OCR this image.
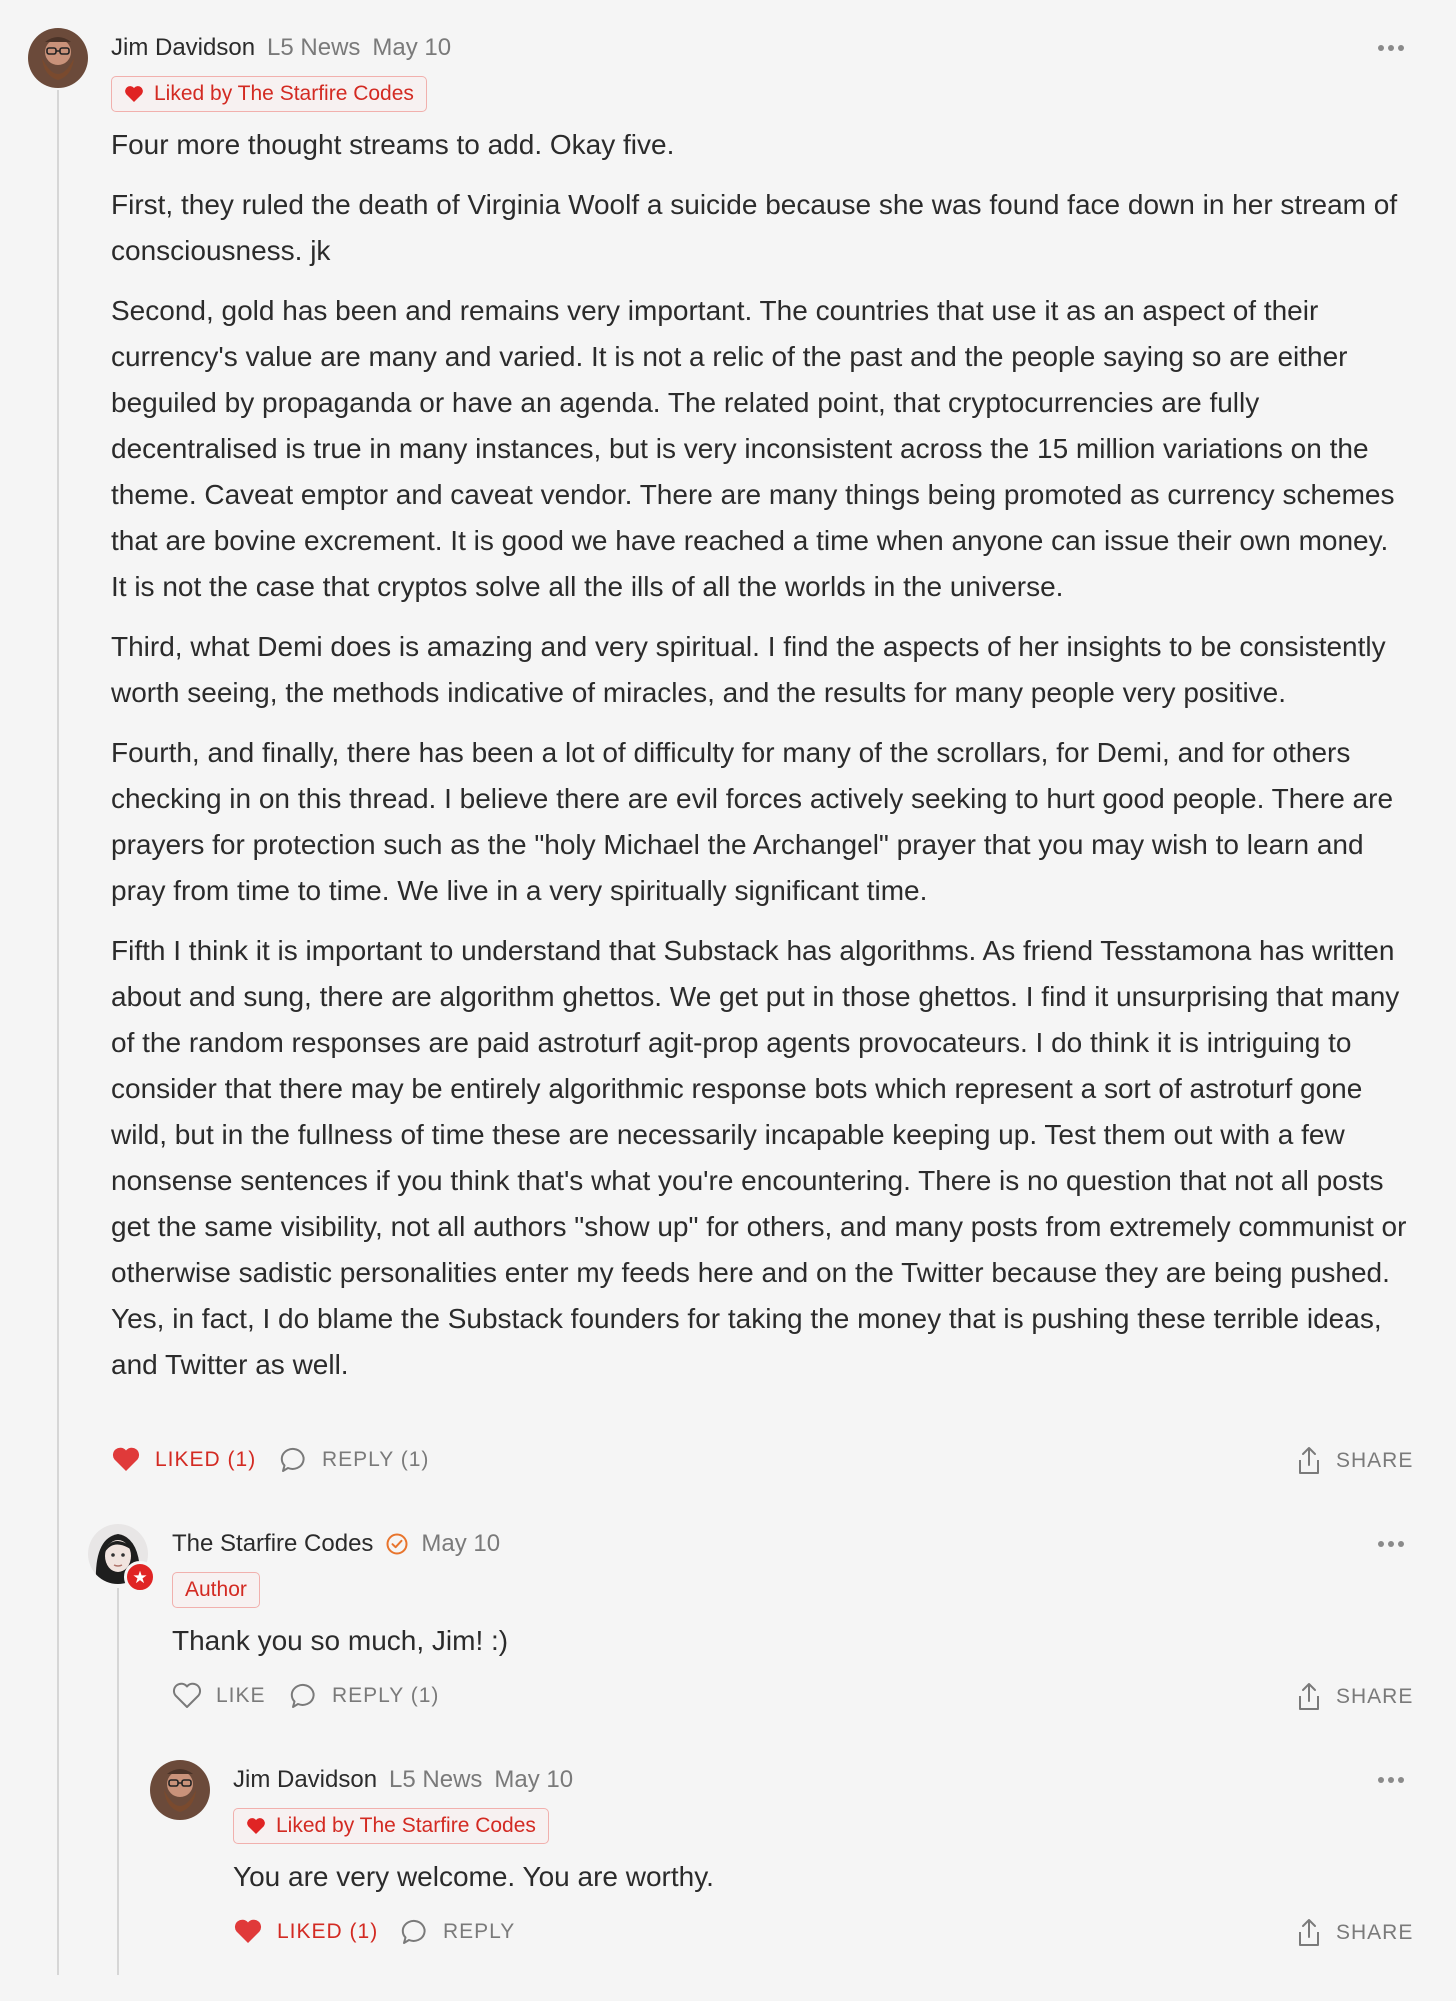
Jim Davidson L5 News May 10
Liked by The Starfire Codes

Four more thought streams to add. Okay five.

First, they ruled the death of Virginia Woolf a suicide because she was found face down in her stream of consciousness. jk

Second, gold has been and remains very important. The countries that use it as an aspect of their currency's value are many and varied. It is not a relic of the past and the people saying so are either beguiled by propaganda or have an agenda. The related point, that cryptocurrencies are fully decentralised is true in many instances, but is very inconsistent across the 15 million variations on the theme. Caveat emptor and caveat vendor. There are many things being promoted as currency schemes that are bovine excrement. It is good we have reached a time when anyone can issue their own money. It is not the case that cryptos solve all the ills of all the worlds in the universe.

Third, what Demi does is amazing and very spiritual. I find the aspects of her insights to be consistently worth seeing, the methods indicative of miracles, and the results for many people very positive.

Fourth, and finally, there has been a lot of difficulty for many of the scrollars, for Demi, and for others checking in on this thread. I believe there are evil forces actively seeking to hurt good people. There are prayers for protection such as the "holy Michael the Archangel" prayer that you may wish to learn and pray from time to time. We live in a very spiritually significant time.

Fifth I think it is important to understand that Substack has algorithms. As friend Tesstamona has written about and sung, there are algorithm ghettos. We get put in those ghettos. I find it unsurprising that many of the random responses are paid astroturf agit-prop agents provocateurs. I do think it is intriguing to consider that there may be entirely algorithmic response bots which represent a sort of astroturf gone wild, but in the fullness of time these are necessarily incapable keeping up. Test them out with a few nonsense sentences if you think that's what you're encountering. There is no question that not all posts get the same visibility, not all authors "show up" for others, and many posts from extremely communist or otherwise sadistic personalities enter my feeds here and on the Twitter because they are being pushed. Yes, in fact, I do blame the Substack founders for taking the money that is pushing these terrible ideas, and Twitter as well.

LIKED (1)	REPLY (1)	SHARE
★
The Starfire Codes May 10
Author

Thank you so much, Jim! :)

LIKE	REPLY (1)	SHARE
Jim Davidson L5 News May 10
Liked by The Starfire Codes

You are very welcome. You are worthy.

LIKED (1)	REPLY	SHARE
